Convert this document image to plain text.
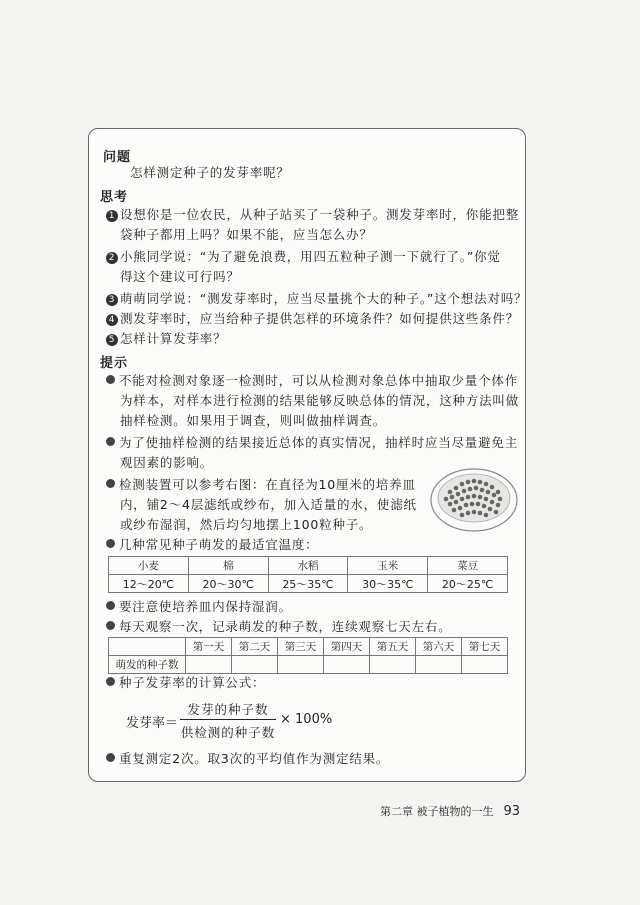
问题
怎样测定种子的发芽率呢？
思考
1 设想你是一位农民，从种子站买了一袋种子。测发芽率时，你能把整
袋种子都用上吗？如果不能，应当怎么办？
2 小熊同学说：“为了避免浪费，用四五粒种子测一下就行了。”你觉
得这个建议可行吗？
3 萌萌同学说：“测发芽率时，应当尽量挑个大的种子。”这个想法对吗？
4 测发芽率时，应当给种子提供怎样的环境条件？如何提供这些条件？
5 怎样计算发芽率？
提示
不能对检测对象逐一检测时，可以从检测对象总体中抽取少量个体作
为样本，对样本进行检测的结果能够反映总体的情况，这种方法叫做
抽样检测。如果用于调查，则叫做抽样调查。
为了使抽样检测的结果接近总体的真实情况，抽样时应当尽量避免主
观因素的影响。
检测装置可以参考右图：在直径为10厘米的培养皿
内，铺2～4层滤纸或纱布，加入适量的水，使滤纸
或纱布湿润，然后均匀地摆上100粒种子。
几种常见种子萌发的最适宜温度：
小麦	棉	水稻	玉米	菜豆
12～20℃	20～30℃	25～35℃	30～35℃	20～25℃
要注意使培养皿内保持湿润。
每天观察一次，记录萌发的种子数，连续观察七天左右。
	第一天	第二天	第三天	第四天	第五天	第六天	第七天
萌发的种子数							
种子发芽率的计算公式：
发芽率＝
发芽的种子数
供检测的种子数
× 100%
重复测定2次。取3次的平均值作为测定结果。
第二章 被子植物的一生 93
